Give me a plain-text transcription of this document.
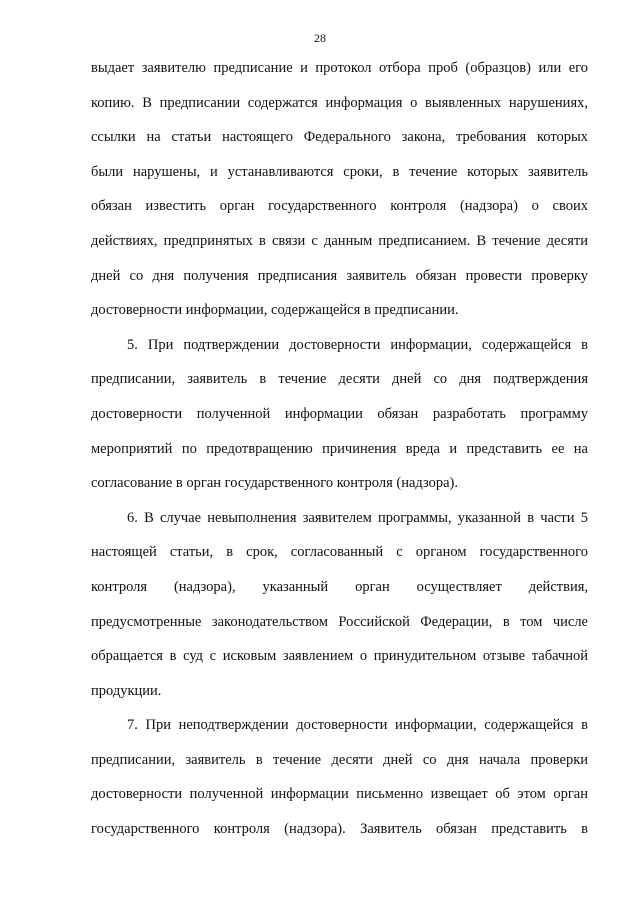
28
выдает заявителю предписание и протокол отбора проб (образцов) или его
копию. В предписании содержатся информация о выявленных нарушениях,
ссылки на статьи настоящего Федерального закона, требования которых
были нарушены, и устанавливаются сроки, в течение которых заявитель
обязан известить орган государственного контроля (надзора) о своих
действиях, предпринятых в связи с данным предписанием. В течение десяти
дней со дня получения предписания заявитель обязан провести проверку
достоверности информации, содержащейся в предписании.
5. При подтверждении достоверности информации, содержащейся в
предписании, заявитель в течение десяти дней со дня подтверждения
достоверности полученной информации обязан разработать программу
мероприятий по предотвращению причинения вреда и представить ее на
согласование в орган государственного контроля (надзора).
6. В случае невыполнения заявителем программы, указанной в части 5
настоящей статьи, в срок, согласованный с органом государственного
контроля (надзора), указанный орган осуществляет действия,
предусмотренные законодательством Российской Федерации, в том числе
обращается в суд с исковым заявлением о принудительном отзыве табачной
продукции.
7. При неподтверждении достоверности информации, содержащейся в
предписании, заявитель в течение десяти дней со дня начала проверки
достоверности полученной информации письменно извещает об этом орган
государственного контроля (надзора). Заявитель обязан представить в
